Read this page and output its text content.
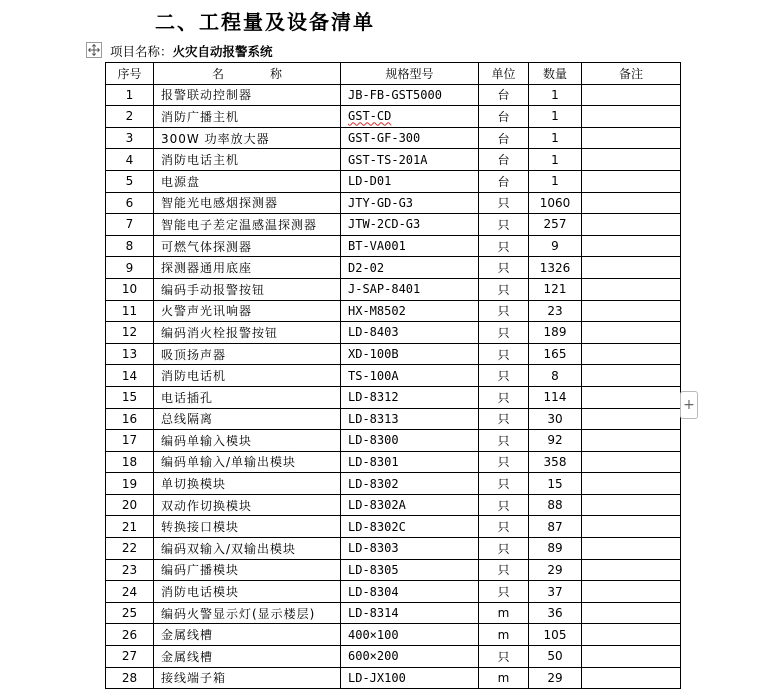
二、工程量及设备清单
项目名称：火灾自动报警系统
序号	名 称	规格型号	单位	数量	备注
1	报警联动控制器	JB-FB-GST5000	台	1	
2	消防广播主机	GST-CD	台	1	
3	300W 功率放大器	GST-GF-300	台	1	
4	消防电话主机	GST-TS-201A	台	1	
5	电源盘	LD-D01	台	1	
6	智能光电感烟探测器	JTY-GD-G3	只	1060	
7	智能电子差定温感温探测器	JTW-2CD-G3	只	257	
8	可燃气体探测器	BT-VA001	只	9	
9	探测器通用底座	D2-02	只	1326	
10	编码手动报警按钮	J-SAP-8401	只	121	
11	火警声光讯响器	HX-M8502	只	23	
12	编码消火栓报警按钮	LD-8403	只	189	
13	吸顶扬声器	XD-100B	只	165	
14	消防电话机	TS-100A	只	8	
15	电话插孔	LD-8312	只	114	
16	总线隔离	LD-8313	只	30	
17	编码单输入模块	LD-8300	只	92	
18	编码单输入/单输出模块	LD-8301	只	358	
19	单切换模块	LD-8302	只	15	
20	双动作切换模块	LD-8302A	只	88	
21	转换接口模块	LD-8302C	只	87	
22	编码双输入/双输出模块	LD-8303	只	89	
23	编码广播模块	LD-8305	只	29	
24	消防电话模块	LD-8304	只	37	
25	编码火警显示灯(显示楼层)	LD-8314	m	36	
26	金属线槽	400×100	m	105	
27	金属线槽	600×200	只	50	
28	接线端子箱	LD-JX100	m	29	
+
